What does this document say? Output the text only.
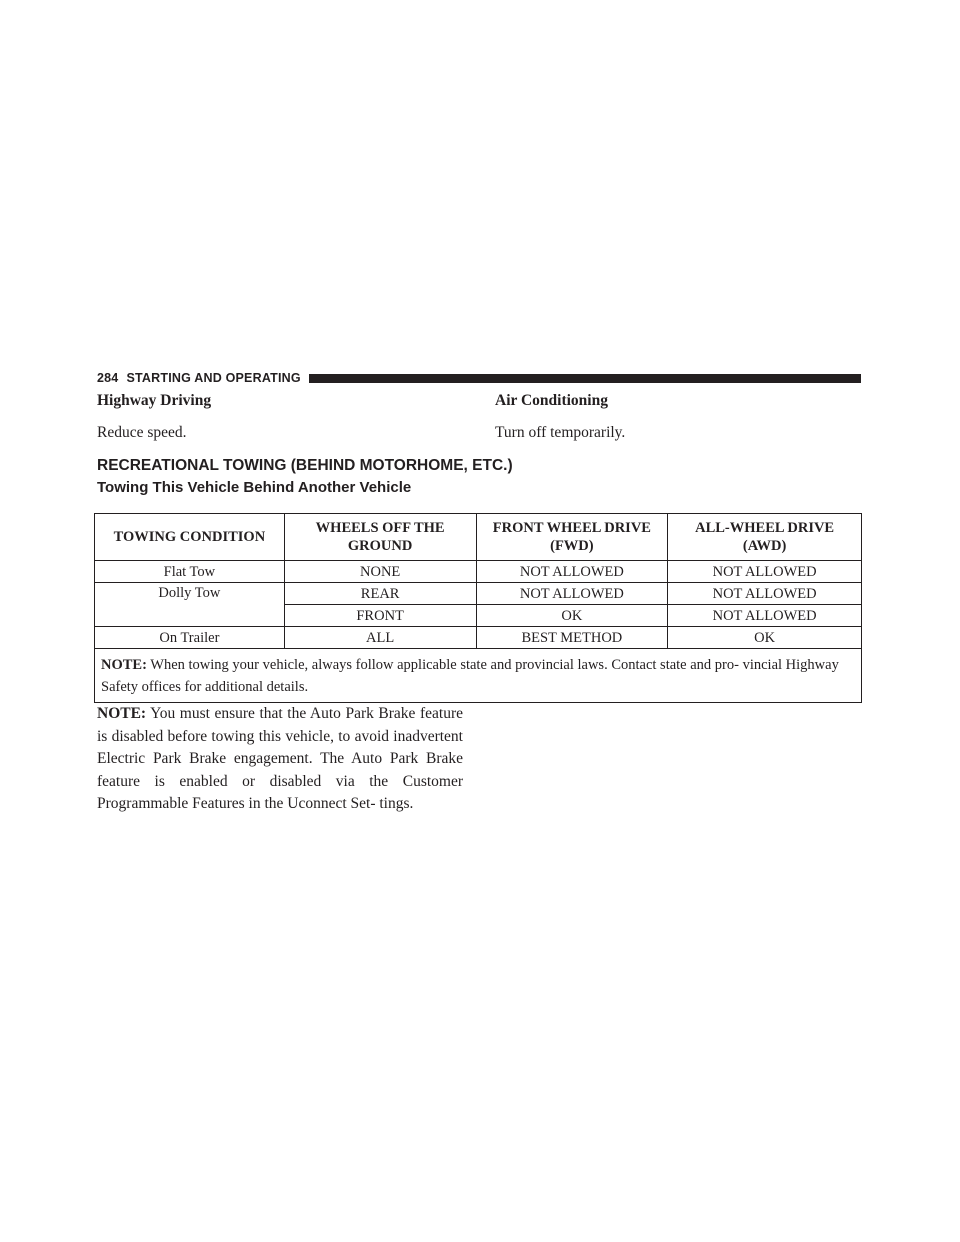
284 STARTING AND OPERATING
Highway Driving
Reduce speed.
Air Conditioning
Turn off temporarily.
RECREATIONAL TOWING (BEHIND MOTORHOME, ETC.)
Towing This Vehicle Behind Another Vehicle
TOWING CONDITION	WHEELS OFF THE GROUND	FRONT WHEEL DRIVE (FWD)	ALL-WHEEL DRIVE (AWD)
Flat Tow	NONE	NOT ALLOWED	NOT ALLOWED
Dolly Tow	REAR	NOT ALLOWED	NOT ALLOWED
	FRONT	OK	NOT ALLOWED
On Trailer	ALL	BEST METHOD	OK
NOTE: When towing your vehicle, always follow applicable state and provincial laws. Contact state and pro- vincial Highway Safety offices for additional details.			
NOTE: You must ensure that the Auto Park Brake feature is disabled before towing this vehicle, to avoid inadvertent Electric Park Brake engagement. The Auto Park Brake feature is enabled or disabled via the Customer Programmable Features in the Uconnect Set- tings.
